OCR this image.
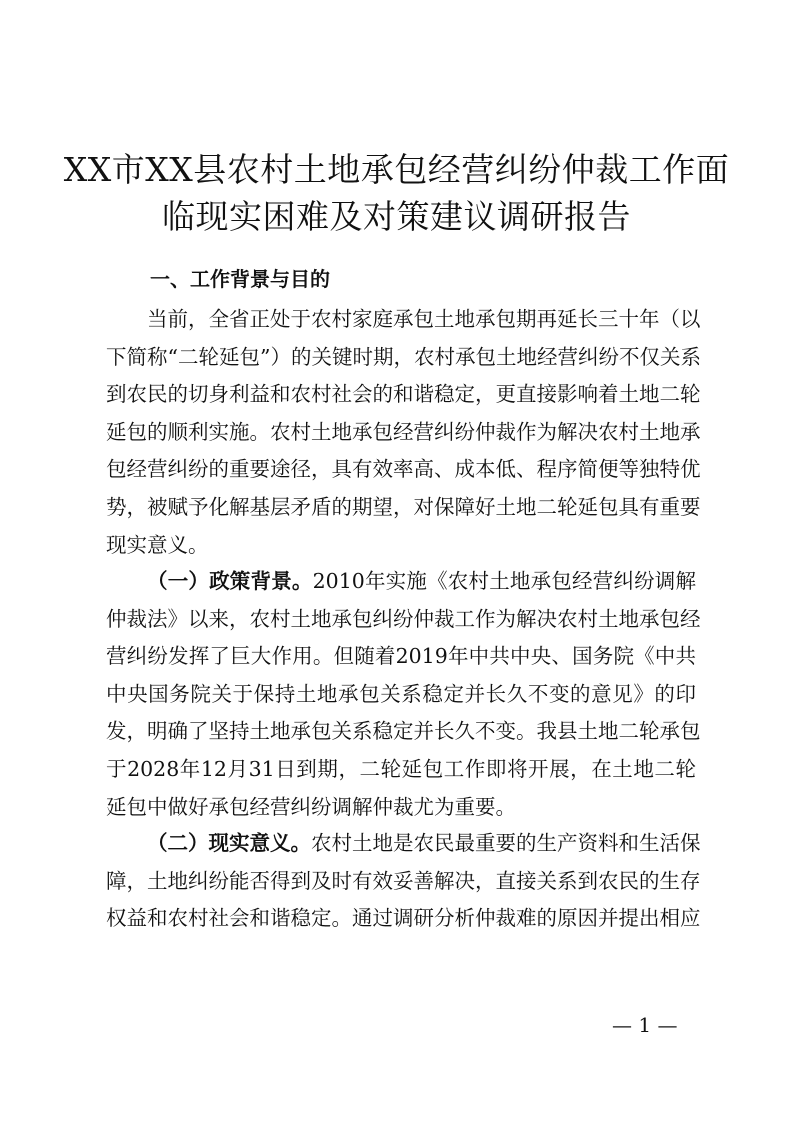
XX市XX县农村土地承包经营纠纷仲裁工作面
临现实困难及对策建议调研报告
一、工作背景与目的
当前，全省正处于农村家庭承包土地承包期再延长三十年（以
下简称“二轮延包”）的关键时期，农村承包土地经营纠纷不仅关系
到农民的切身利益和农村社会的和谐稳定，更直接影响着土地二轮
延包的顺利实施。农村土地承包经营纠纷仲裁作为解决农村土地承
包经营纠纷的重要途径，具有效率高、成本低、程序简便等独特优
势，被赋予化解基层矛盾的期望，对保障好土地二轮延包具有重要
现实意义。
（一）政策背景。2010年实施《农村土地承包经营纠纷调解
仲裁法》以来，农村土地承包纠纷仲裁工作为解决农村土地承包经
营纠纷发挥了巨大作用。但随着2019年中共中央、国务院《中共
中央国务院关于保持土地承包关系稳定并长久不变的意见》的印
发，明确了坚持土地承包关系稳定并长久不变。我县土地二轮承包
于2028年12月31日到期，二轮延包工作即将开展，在土地二轮
延包中做好承包经营纠纷调解仲裁尤为重要。
（二）现实意义。农村土地是农民最重要的生产资料和生活保
障，土地纠纷能否得到及时有效妥善解决，直接关系到农民的生存
权益和农村社会和谐稳定。通过调研分析仲裁难的原因并提出相应
— 1 —
